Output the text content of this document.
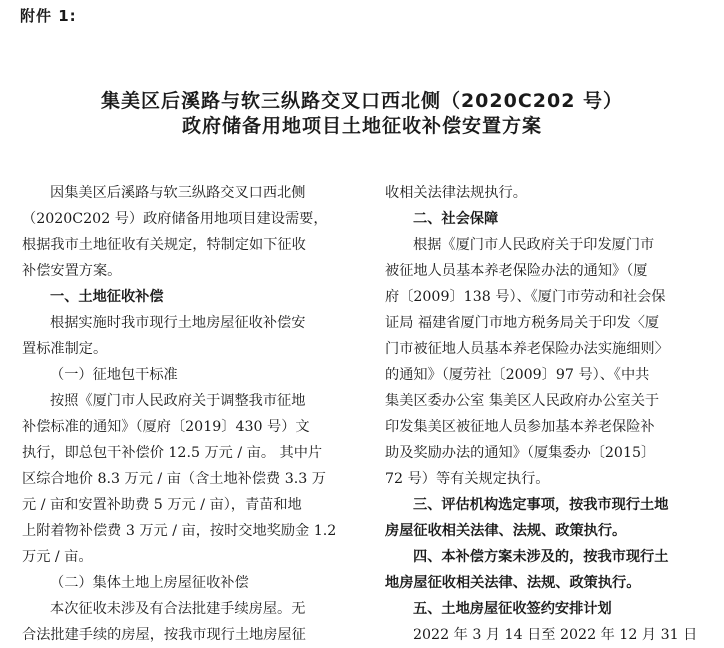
附件 1:
集美区后溪路与软三纵路交叉口西北侧（2020C202 号）
政府储备用地项目土地征收补偿安置方案
因集美区后溪路与软三纵路交叉口西北侧
（2020C202 号）政府储备用地项目建设需要，
根据我市土地征收有关规定，特制定如下征收
补偿安置方案。
一、土地征收补偿
根据实施时我市现行土地房屋征收补偿安
置标准制定。
（一）征地包干标准
按照《厦门市人民政府关于调整我市征地
补偿标准的通知》（厦府〔2019〕430 号）文
执行，即总包干补偿价 12.5 万元 / 亩。 其中片
区综合地价 8.3 万元 / 亩（含土地补偿费 3.3 万
元 / 亩和安置补助费 5 万元 / 亩），青苗和地
上附着物补偿费 3 万元 / 亩，按时交地奖励金 1.2
万元 / 亩。
（二）集体土地上房屋征收补偿
本次征收未涉及有合法批建手续房屋。无
合法批建手续的房屋，按我市现行土地房屋征
收相关法律法规执行。
二、社会保障
根据《厦门市人民政府关于印发厦门市
被征地人员基本养老保险办法的通知》（厦
府〔2009〕138 号）、《厦门市劳动和社会保
证局 福建省厦门市地方税务局关于印发〈厦
门市被征地人员基本养老保险办法实施细则〉
的通知》（厦劳社〔2009〕97 号）、《中共
集美区委办公室 集美区人民政府办公室关于
印发集美区被征地人员参加基本养老保险补
助及奖励办法的通知》（厦集委办〔2015〕
72 号）等有关规定执行。
三、评估机构选定事项，按我市现行土地
房屋征收相关法律、法规、政策执行。
四、本补偿方案未涉及的，按我市现行土
地房屋征收相关法律、法规、政策执行。
五、土地房屋征收签约安排计划
2022 年 3 月 14 日至 2022 年 12 月 31 日
